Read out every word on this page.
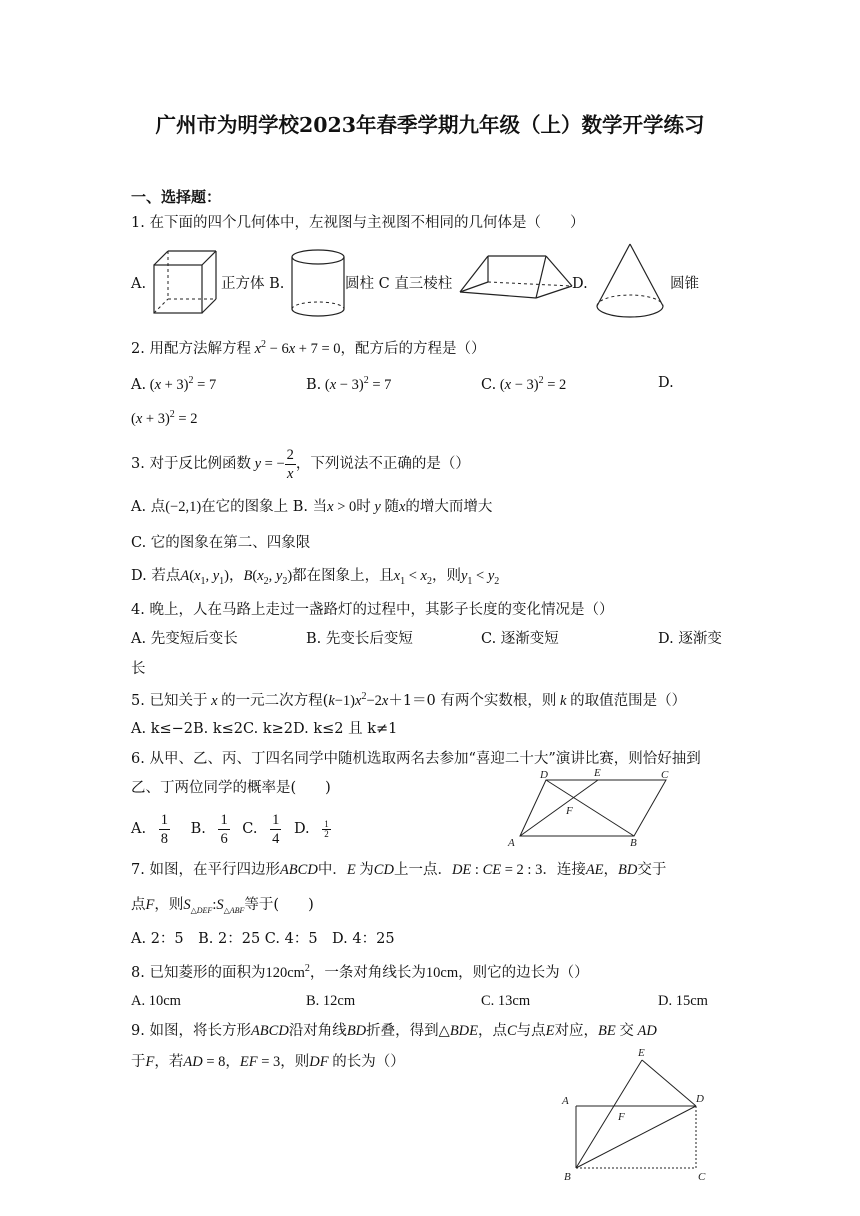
广州市为明学校2023年春季学期九年级（上）数学开学练习
一、选择题：
1. 在下面的四个几何体中，左视图与主视图不相同的几何体是（　　）
A.	正方体 B.	圆柱 C 直三棱柱	D.	圆锥
2. 用配方法解方程 $x^2 - 6x + 7 = 0$，配方后的方程是（）
A. $(x + 3)^2 = 7$	B. $(x - 3)^2 = 7$	C. $(x - 3)^2 = 2$	D.
$(x + 3)^2 = 2$
3. 对于反比例函数 y = − $\frac{2}{x}$ ，下列说法不正确的是（）
A. 点(−2,1)在它的图象上 B. 当x > 0时 y 随x的增大而增大
C. 它的图象在第二、四象限
D. 若点$A(x_1$, $y_1$)，$B(x_2$, $y_2$)都在图象上，且$x_1 < x_2$，则$y_1 < y_2$
4. 晚上，人在马路上走过一盏路灯的过程中，其影子长度的变化情况是（）
A. 先变短后变长	B. 先变长后变短	C. 逐渐变短	D. 逐渐变
长
5. 已知关于 x 的一元二次方程$(k-1)x^2-2x+1=0$ 有两个实数根，则 k 的取值范围是（）
A. k≤−2B. k≤2C. k≥2D. k≤2 且 k≠1
6. 从甲、乙、丙、丁四名同学中随机选取两名去参加“喜迎二十大”演讲比赛，则恰好抽到
乙、丁两位同学的概率是(　　)
A. $\frac{1}{8} B$. $\frac{1}{6} C$. $\frac{1}{4} D$. $\frac{1}{2}$
D	E	C
F
A	B
7. 如图，在平行四边形ABCD中．E 为CD上一点．DE : CE = 2 : 3．连接AE，BD交于
点F，则$S_{\triangle DEF}:S_{\triangle ABF}$等于(　　)
A. 2：5　B. 2：25 C. 4：5　D. 4：25
8. 已知菱形的面积为$120cm^2$，一条对角线长为10cm，则它的边长为（）
A. 10cm	B. 12cm	C. 13cm	D. 15cm
9. 如图，将长方形ABCD沿对角线BD折叠，得到△BDE，点C与点E对应，BE 交 AD
于F，若AD = 8，EF = 3，则DF 的长为（）
E
A	D
F
B	C
